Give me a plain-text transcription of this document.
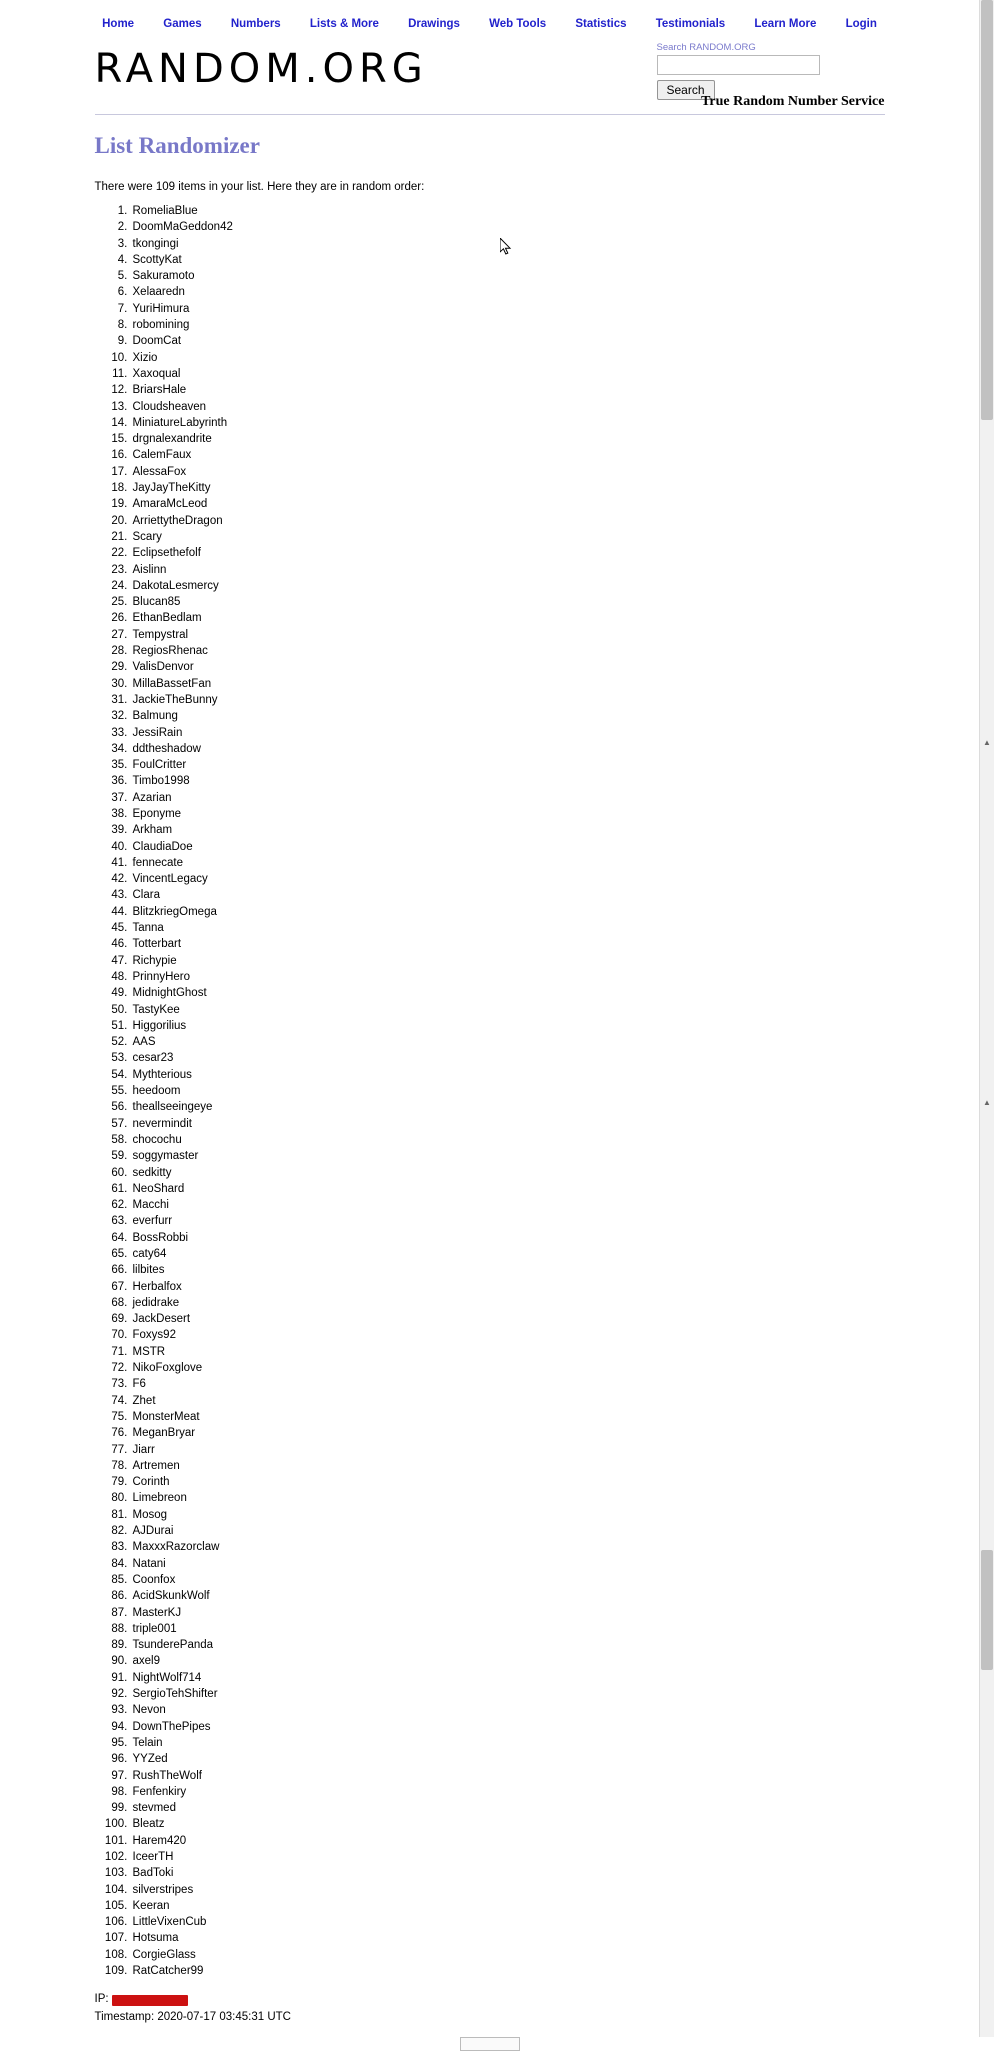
Home	Games	Numbers	Lists & More	Drawings	Web Tools	Statistics	Testimonials	Learn More	Login
RANDOM.ORG	Search RANDOM.ORG
Search
True Random Number Service
List Randomizer

There were 109 items in your list. Here they are in random order:

1. RomeliaBlue
2. DoomMaGeddon42
3. tkongingi
4. ScottyKat
5. Sakuramoto
6. Xelaaredn
7. YuriHimura
8. robomining
9. DoomCat
10. Xizio
11. Xaxoqual
12. BriarsHale
13. Cloudsheaven
14. MiniatureLabyrinth
15. drgnalexandrite
16. CalemFaux
17. AlessaFox
18. JayJayTheKitty
19. AmaraMcLeod
20. ArriettytheDragon
21. Scary
22. Eclipsethefolf
23. Aislinn
24. DakotaLesmercy
25. Blucan85
26. EthanBedlam
27. Tempystral
28. RegiosRhenac
29. ValisDenvor
30. MillaBassetFan
31. JackieTheBunny
32. Balmung
33. JessiRain
34. ddtheshadow
35. FoulCritter
36. Timbo1998
37. Azarian
38. Eponyme
39. Arkham
40. ClaudiaDoe
41. fennecate
42. VincentLegacy
43. Clara
44. BlitzkriegOmega
45. Tanna
46. Totterbart
47. Richypie
48. PrinnyHero
49. MidnightGhost
50. TastyKee
51. Higgorilius
52. AAS
53. cesar23
54. Mythterious
55. heedoom
56. theallseeingeye
57. nevermindit
58. chocochu
59. soggymaster
60. sedkitty
61. NeoShard
62. Macchi
63. everfurr
64. BossRobbi
65. caty64
66. lilbites
67. Herbalfox
68. jedidrake
69. JackDesert
70. Foxys92
71. MSTR
72. NikoFoxglove
73. F6
74. Zhet
75. MonsterMeat
76. MeganBryar
77. Jiarr
78. Artremen
79. Corinth
80. Limebreon
81. Mosog
82. AJDurai
83. MaxxxRazorclaw
84. Natani
85. Coonfox
86. AcidSkunkWolf
87. MasterKJ
88. triple001
89. TsunderePanda
90. axel9
91. NightWolf714
92. SergioTehShifter
93. Nevon
94. DownThePipes
95. Telain
96. YYZed
97. RushTheWolf
98. Fenfenkiry
99. stevmed
100. Bleatz
101. Harem420
102. IceerTH
103. BadToki
104. silverstripes
105. Keeran
106. LittleVixenCub
107. Hotsuma
108. CorgieGlass
109. RatCatcher99
IP:
Timestamp: 2020-07-17 03:45:31 UTC
▲
▲
